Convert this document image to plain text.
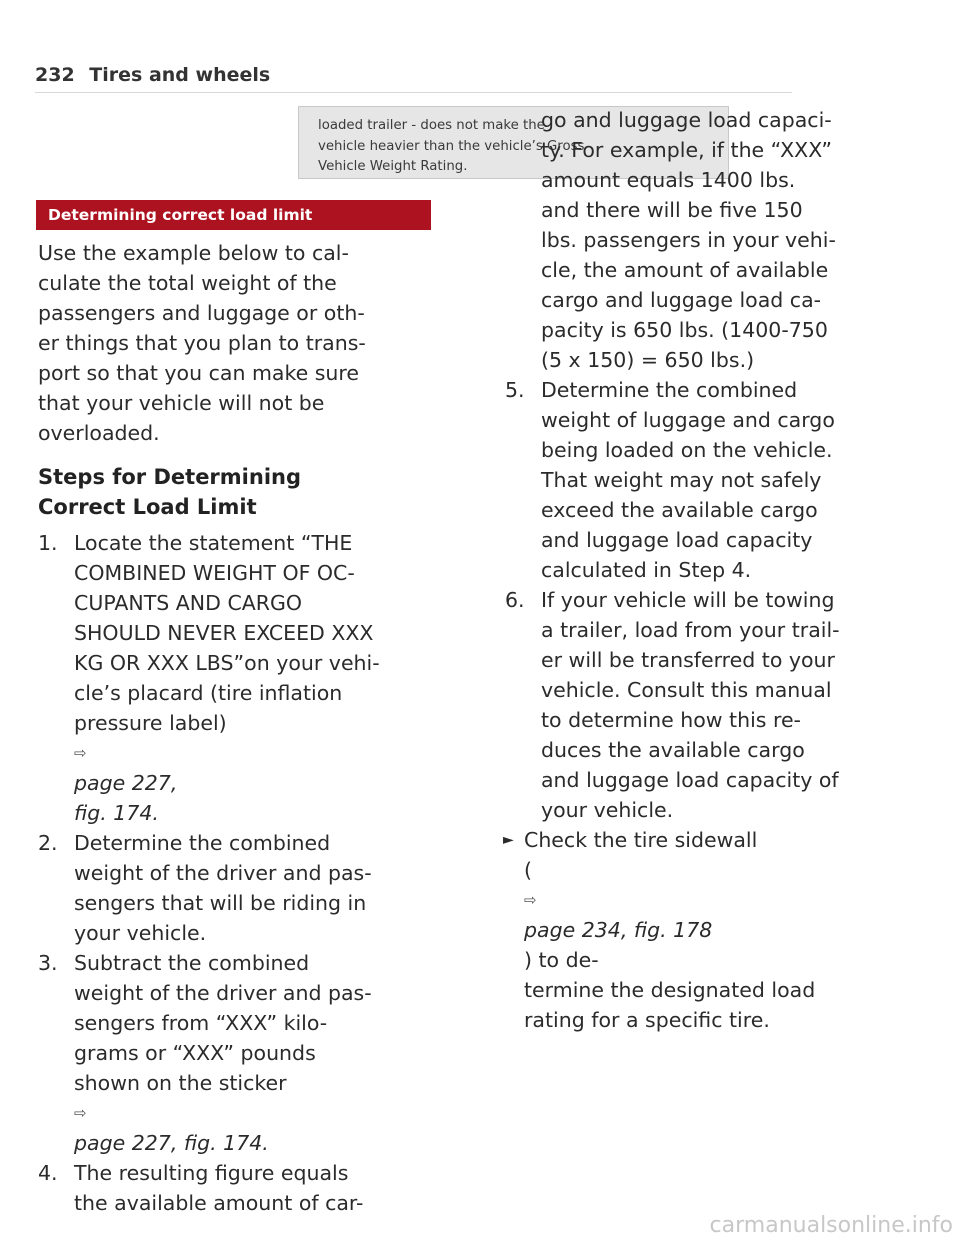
232 Tires and wheels
loaded trailer - does not make the
vehicle heavier than the vehicle’s Gross
Vehicle Weight Rating.
Determining correct load limit
Use the example below to cal-
culate the total weight of the
passengers and luggage or oth-
er things that you plan to trans-
port so that you can make sure
that your vehicle will not be
overloaded.
Steps for Determining
Correct Load Limit
1. Locate the statement “THE
COMBINED WEIGHT OF OC-
CUPANTS AND CARGO
SHOULD NEVER EXCEED XXX
KG OR XXX LBS”on your vehi-
cle’s placard (tire inflation
pressure label)
⇨
page 227,
fig. 174.
2. Determine the combined
weight of the driver and pas-
sengers that will be riding in
your vehicle.
3. Subtract the combined
weight of the driver and pas-
sengers from “XXX” kilo-
grams or “XXX” pounds
shown on the sticker
⇨
page 227, fig. 174.
4. The resulting figure equals
the available amount of car-
go and luggage load capaci-
ty. For example, if the “XXX”
amount equals 1400 lbs.
and there will be five 150
lbs. passengers in your vehi-
cle, the amount of available
cargo and luggage load ca-
pacity is 650 lbs. (1400-750
(5 x 150) = 650 lbs.)
5. Determine the combined
weight of luggage and cargo
being loaded on the vehicle.
That weight may not safely
exceed the available cargo
and luggage load capacity
calculated in Step 4.
6. If your vehicle will be towing
a trailer, load from your trail-
er will be transferred to your
vehicle. Consult this manual
to determine how this re-
duces the available cargo
and luggage load capacity of
your vehicle.
► Check the tire sidewall
(
⇨
page 234, fig. 178
) to de-
termine the designated load
rating for a specific tire.
carmanualsonline.info
